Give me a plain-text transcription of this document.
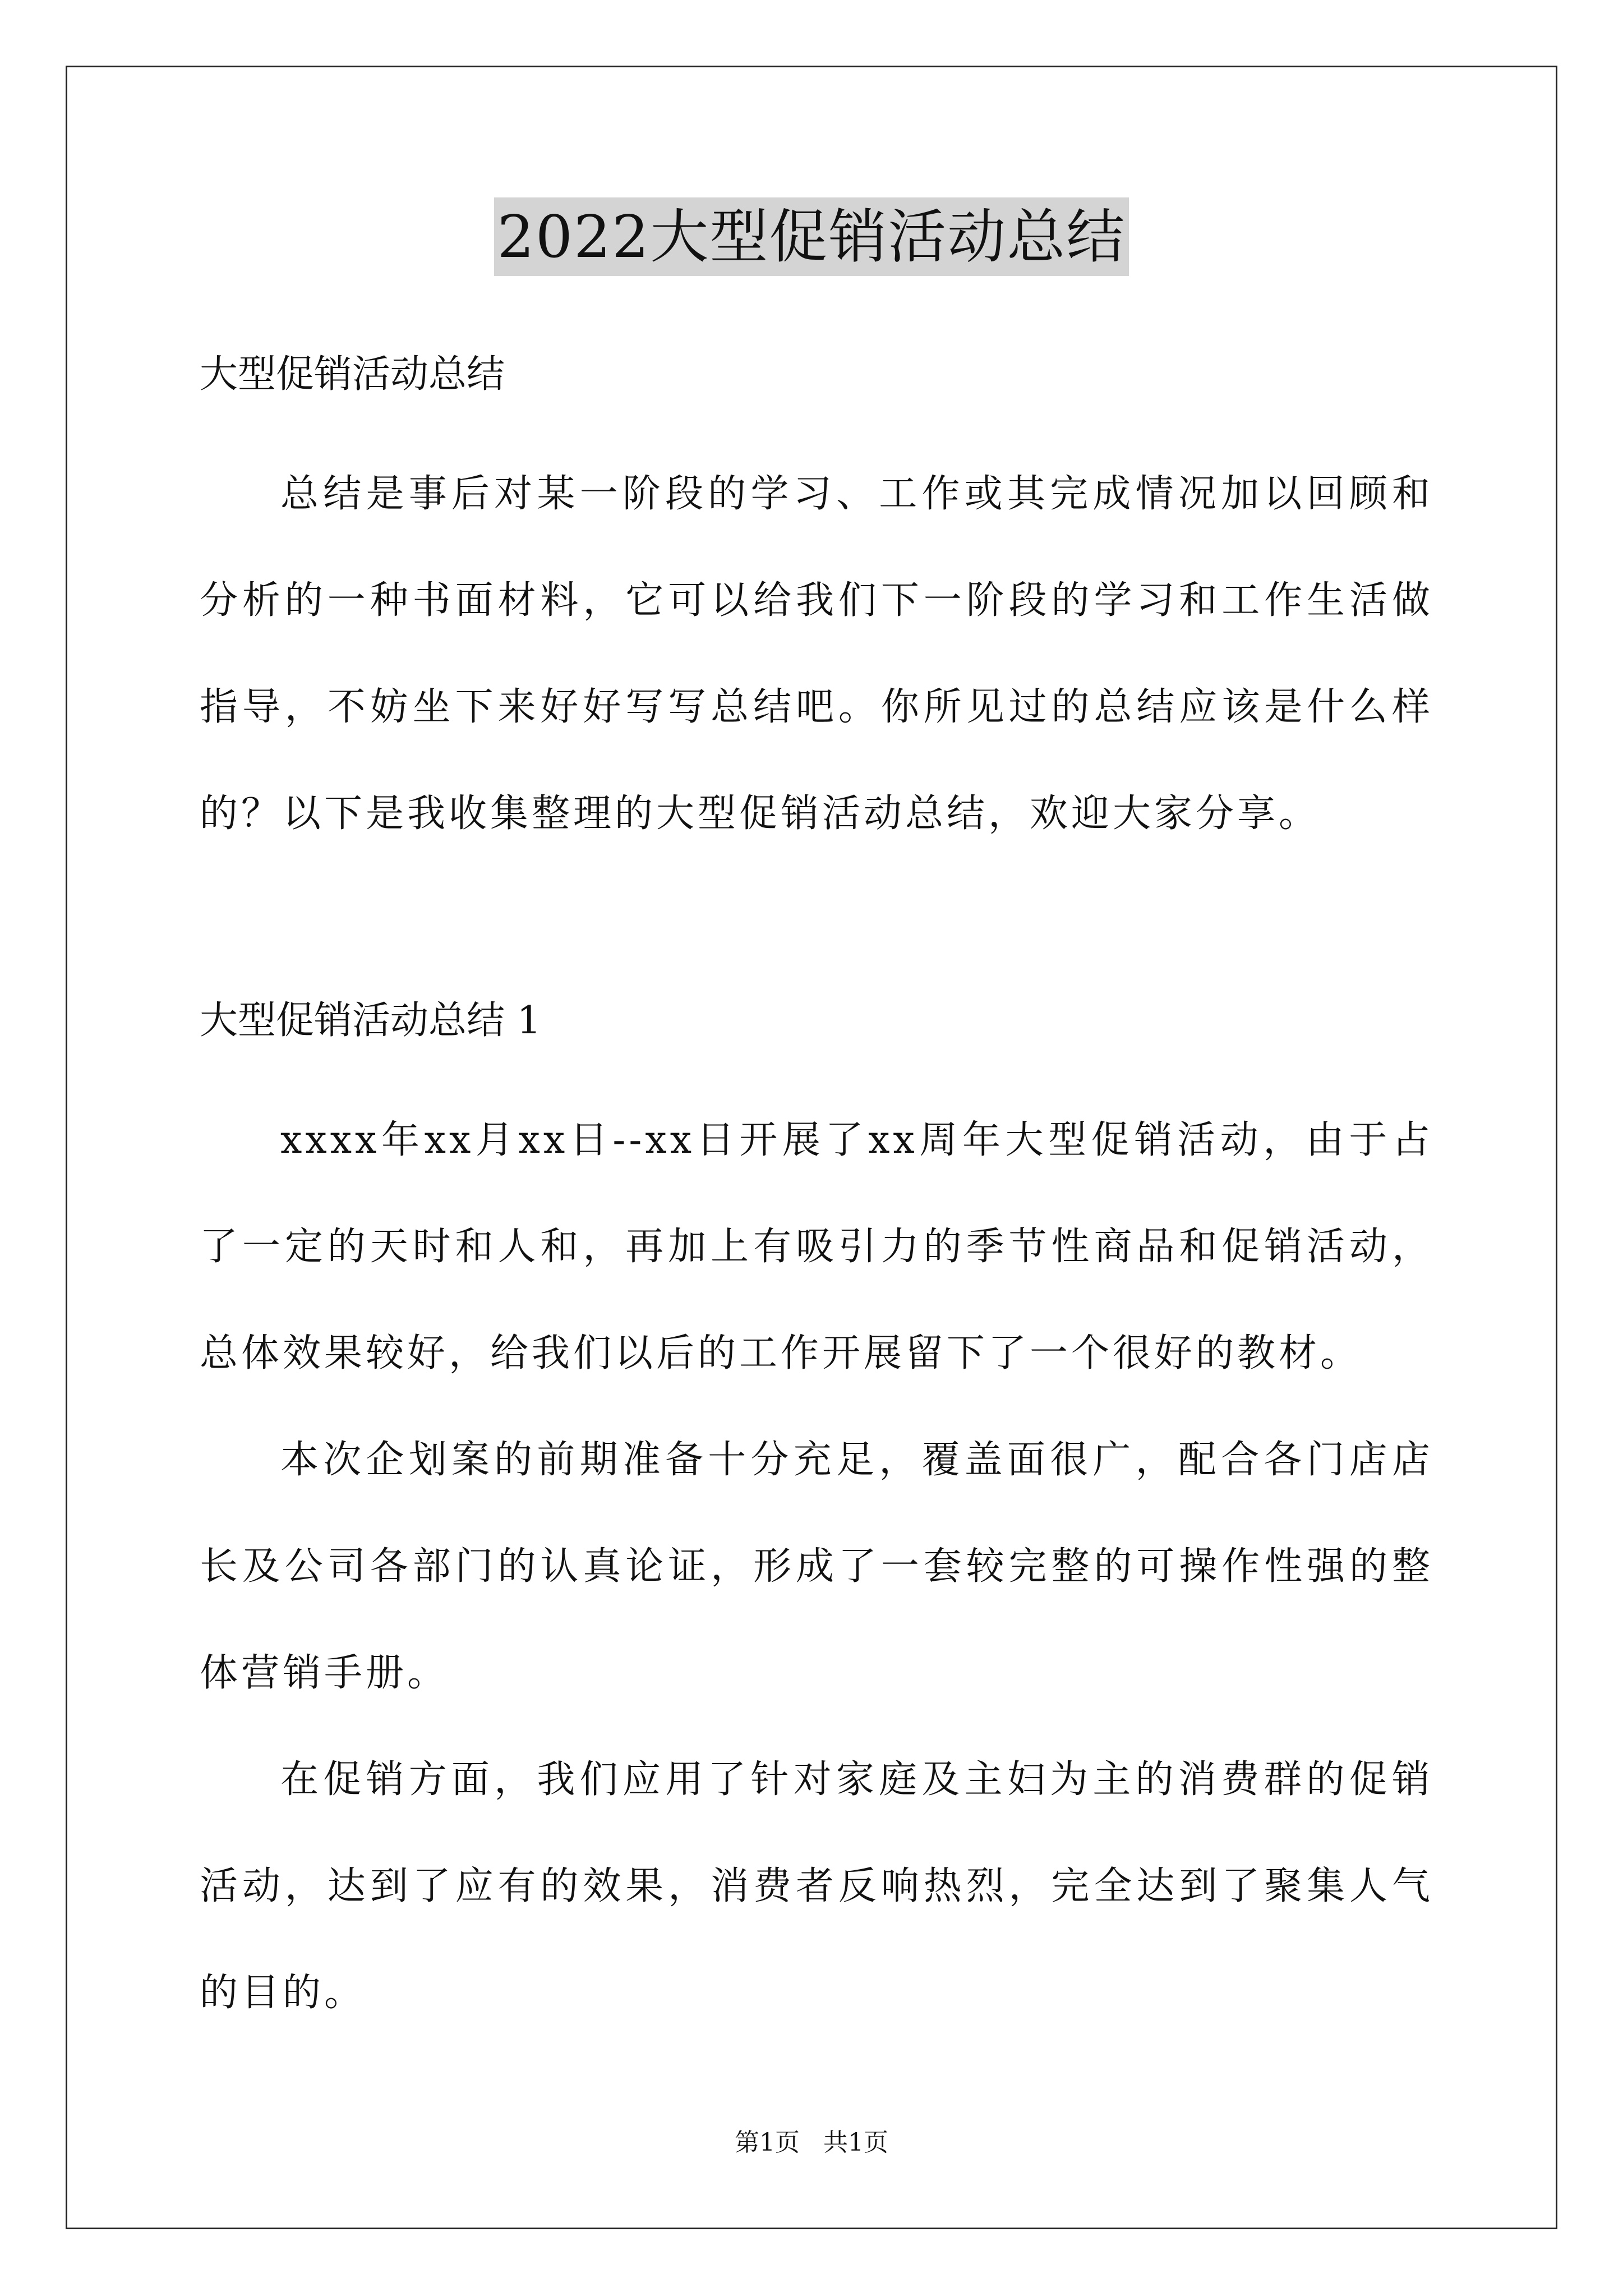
2022大型促销活动总结

大型促销活动总结

总结是事后对某一阶段的学习、工作或其完成情况加以回顾和分析的一种书面材料，它可以给我们下一阶段的学习和工作生活做指导，不妨坐下来好好写写总结吧。你所见过的总结应该是什么样的？以下是我收集整理的大型促销活动总结，欢迎大家分享。

大型促销活动总结 1

xxxx年xx月xx日--xx日开展了xx周年大型促销活动，由于占了一定的天时和人和，再加上有吸引力的季节性商品和促销活动，总体效果较好，给我们以后的工作开展留下了一个很好的教材。

本次企划案的前期准备十分充足，覆盖面很广，配合各门店店长及公司各部门的认真论证，形成了一套较完整的可操作性强的整体营销手册。

在促销方面，我们应用了针对家庭及主妇为主的消费群的促销活动，达到了应有的效果，消费者反响热烈，完全达到了聚集人气的目的。

第1页   共1页
